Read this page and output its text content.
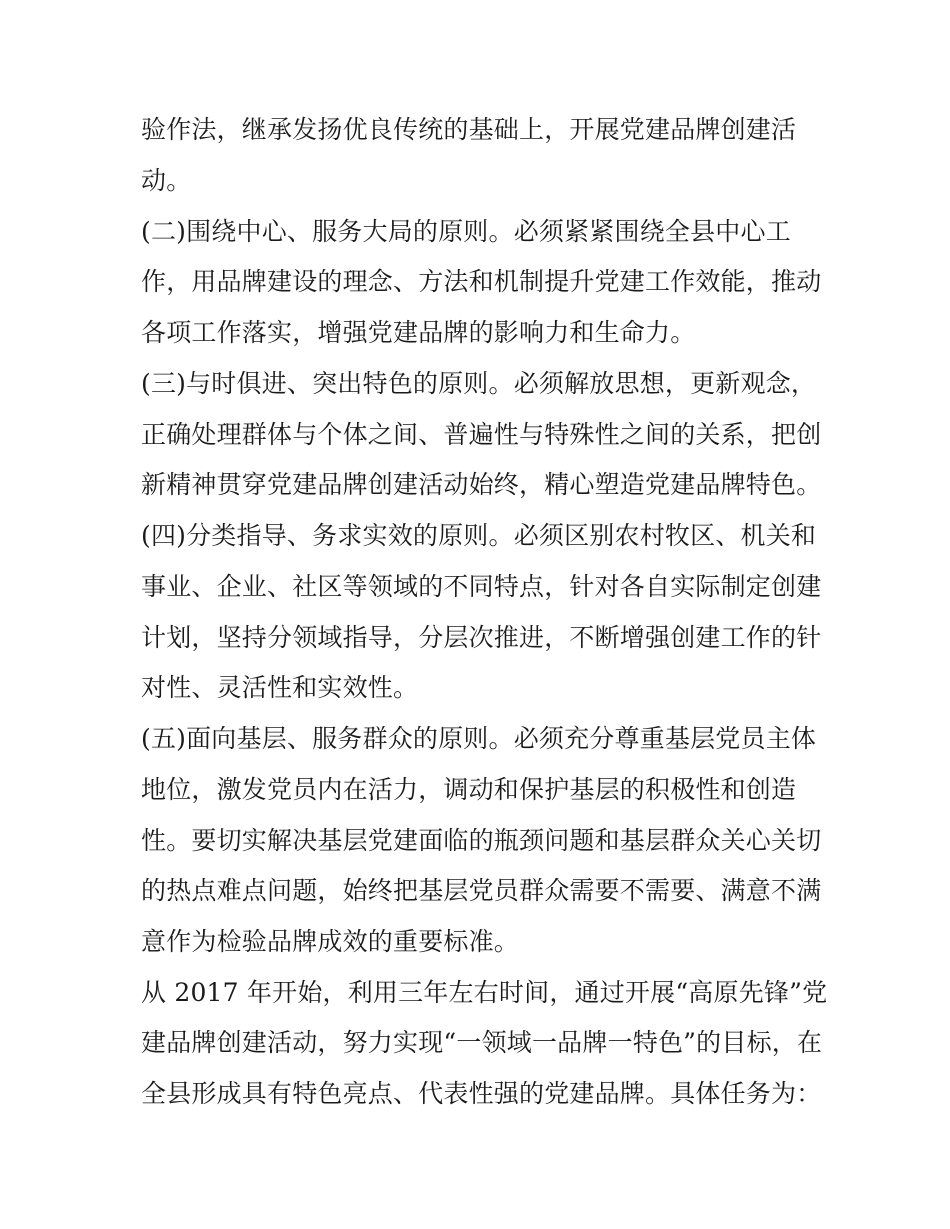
验作法，继承发扬优良传统的基础上，开展党建品牌创建活
动。
(二)围绕中心、服务大局的原则。必须紧紧围绕全县中心工
作，用品牌建设的理念、方法和机制提升党建工作效能，推动
各项工作落实，增强党建品牌的影响力和生命力。
(三)与时俱进、突出特色的原则。必须解放思想，更新观念，
正确处理群体与个体之间、普遍性与特殊性之间的关系，把创
新精神贯穿党建品牌创建活动始终，精心塑造党建品牌特色。
(四)分类指导、务求实效的原则。必须区别农村牧区、机关和
事业、企业、社区等领域的不同特点，针对各自实际制定创建
计划，坚持分领域指导，分层次推进，不断增强创建工作的针
对性、灵活性和实效性。
(五)面向基层、服务群众的原则。必须充分尊重基层党员主体
地位，激发党员内在活力，调动和保护基层的积极性和创造
性。要切实解决基层党建面临的瓶颈问题和基层群众关心关切
的热点难点问题，始终把基层党员群众需要不需要、满意不满
意作为检验品牌成效的重要标准。
从 2017 年开始，利用三年左右时间，通过开展“高原先锋”党
建品牌创建活动，努力实现“一领域一品牌一特色”的目标，在
全县形成具有特色亮点、代表性强的党建品牌。具体任务为：
